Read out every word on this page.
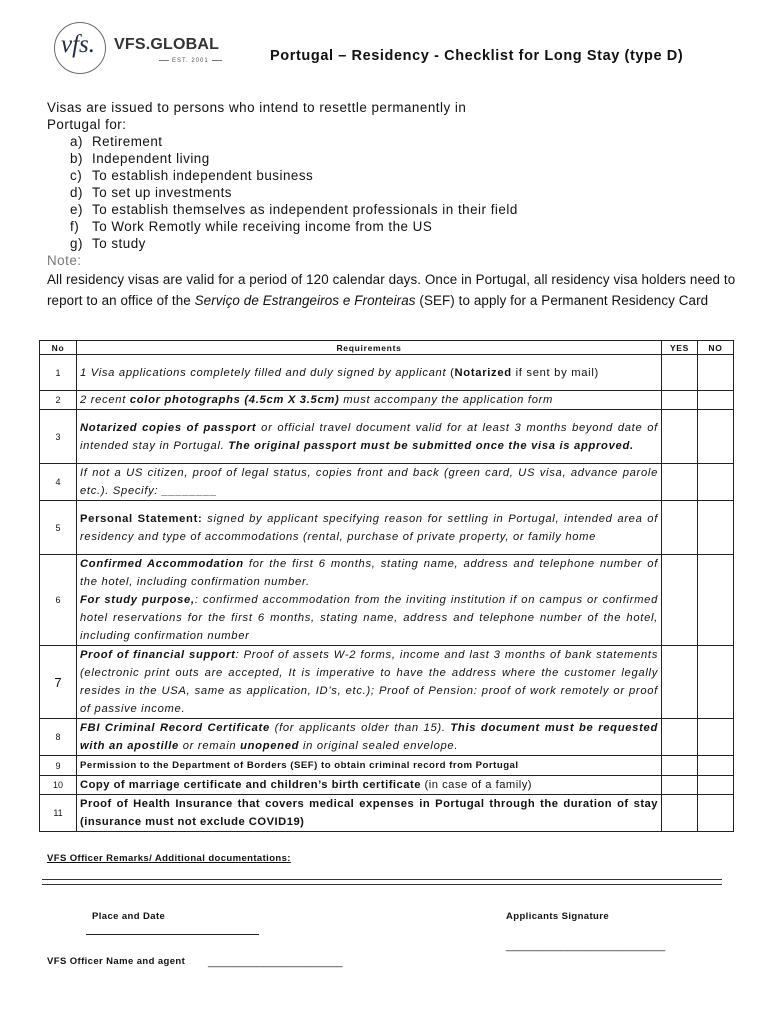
vfs. VFS.GLOBAL
EST. 2001	Portugal – Residency - Checklist for Long Stay (type D)
Visas are issued to persons who intend to resettle permanently in
Portugal for:
a) Retirement
b) Independent living
c) To establish independent business
d) To set up investments
e) To establish themselves as independent professionals in their field
f) To Work Remotly while receiving income from the US
g) To study
Note:
All residency visas are valid for a period of 120 calendar days. Once in Portugal, all residency visa holders need to report to an office of the Serviço de Estrangeiros e Fronteiras (SEF) to apply for a Permanent Residency Card
No	Requirements	YES	NO
1	1 Visa applications completely filled and duly signed by applicant (Notarized if sent by mail)		
2	2 recent color photographs (4.5cm X 3.5cm) must accompany the application form		
3	Notarized copies of passport or official travel document valid for at least 3 months beyond date of intended stay in Portugal. The original passport must be submitted once the visa is approved.		
4	If not a US citizen, proof of legal status, copies front and back (green card, US visa, advance parole etc.). Specify: ________		
5	Personal Statement: signed by applicant specifying reason for settling in Portugal, intended area of residency and type of accommodations (rental, purchase of private property, or family home		
6	Confirmed Accommodation for the first 6 months, stating name, address and telephone number of the hotel, including confirmation number.
For study purpose,: confirmed accommodation from the inviting institution if on campus or confirmed hotel reservations for the first 6 months, stating name, address and telephone number of the hotel, including confirmation number		
7	Proof of financial support: Proof of assets W-2 forms, income and last 3 months of bank statements (electronic print outs are accepted, It is imperative to have the address where the customer legally resides in the USA, same as application, ID’s, etc.); Proof of Pension: proof of work remotely or proof of passive income.		
8	FBI Criminal Record Certificate (for applicants older than 15). This document must be requested with an apostille or remain unopened in original sealed envelope.		
9	Permission to the Department of Borders (SEF) to obtain criminal record from Portugal		
10	Copy of marriage certificate and children’s birth certificate (in case of a family)		
11	Proof of Health Insurance that covers medical expenses in Portugal through the duration of stay (insurance must not exclude COVID19)		
VFS Officer Remarks/ Additional documentations:
Place and Date	Applicants Signature
__________________________
VFS Officer Name and agent ______________________
